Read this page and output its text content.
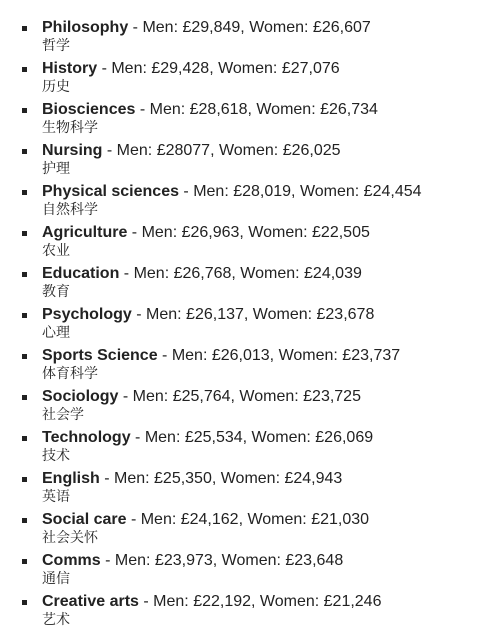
Philosophy - Men: £29,849, Women: £26,607
哲学
History - Men: £29,428, Women: £27,076
历史
Biosciences - Men: £28,618, Women: £26,734
生物科学
Nursing - Men: £28077, Women: £26,025
护理
Physical sciences - Men: £28,019, Women: £24,454
自然科学
Agriculture - Men: £26,963, Women: £22,505
农业
Education - Men: £26,768, Women: £24,039
教育
Psychology - Men: £26,137, Women: £23,678
心理
Sports Science - Men: £26,013, Women: £23,737
体育科学
Sociology - Men: £25,764, Women: £23,725
社会学
Technology - Men: £25,534, Women: £26,069
技术
English - Men: £25,350, Women: £24,943
英语
Social care - Men: £24,162, Women: £21,030
社会关怀
Comms - Men: £23,973, Women: £23,648
通信
Creative arts - Men: £22,192, Women: £21,246
艺术
